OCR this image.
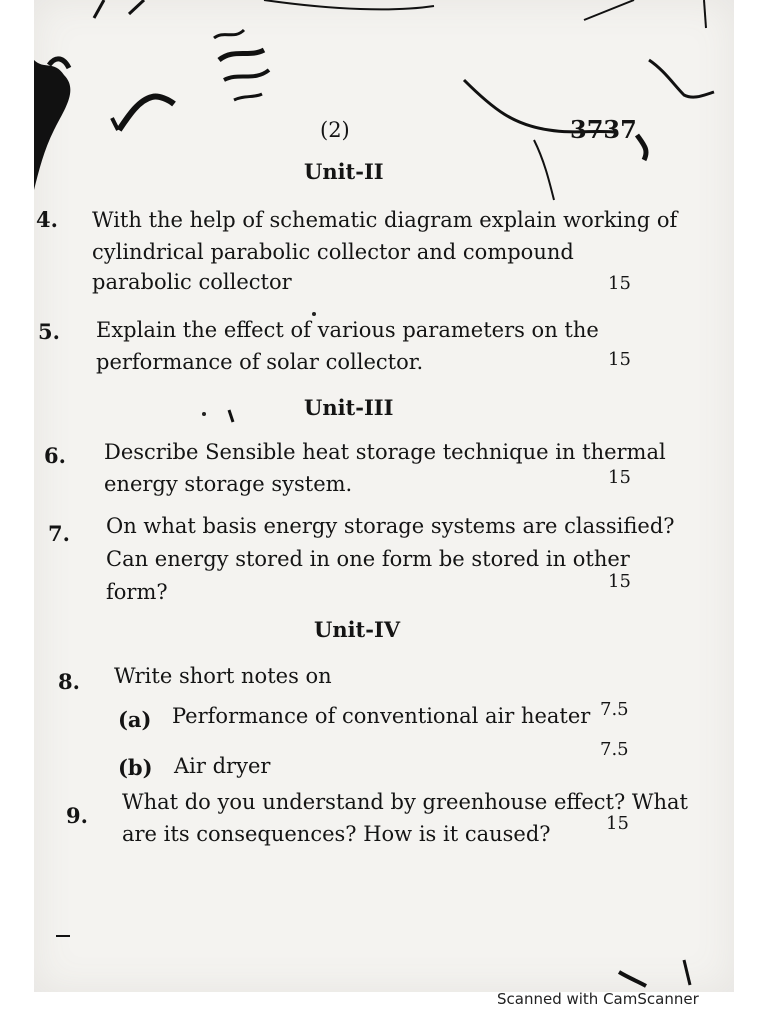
(2)	3737
Unit-II
4. With the help of schematic diagram explain working of
cylindrical parabolic collector and compound
parabolic collector	15
5. Explain the effect of various parameters on the
performance of solar collector.	15
Unit-III
6. Describe Sensible heat storage technique in thermal
energy storage system.	15
7. On what basis energy storage systems are classified?
Can energy stored in one form be stored in other
form?	15
Unit-IV
8. Write short notes on
(a) Performance of conventional air heater 7.5
(b) Air dryer
7.5
9.
What do you understand by greenhouse effect? What
are its consequences? How is it caused?	15
Scanned with CamScanner
